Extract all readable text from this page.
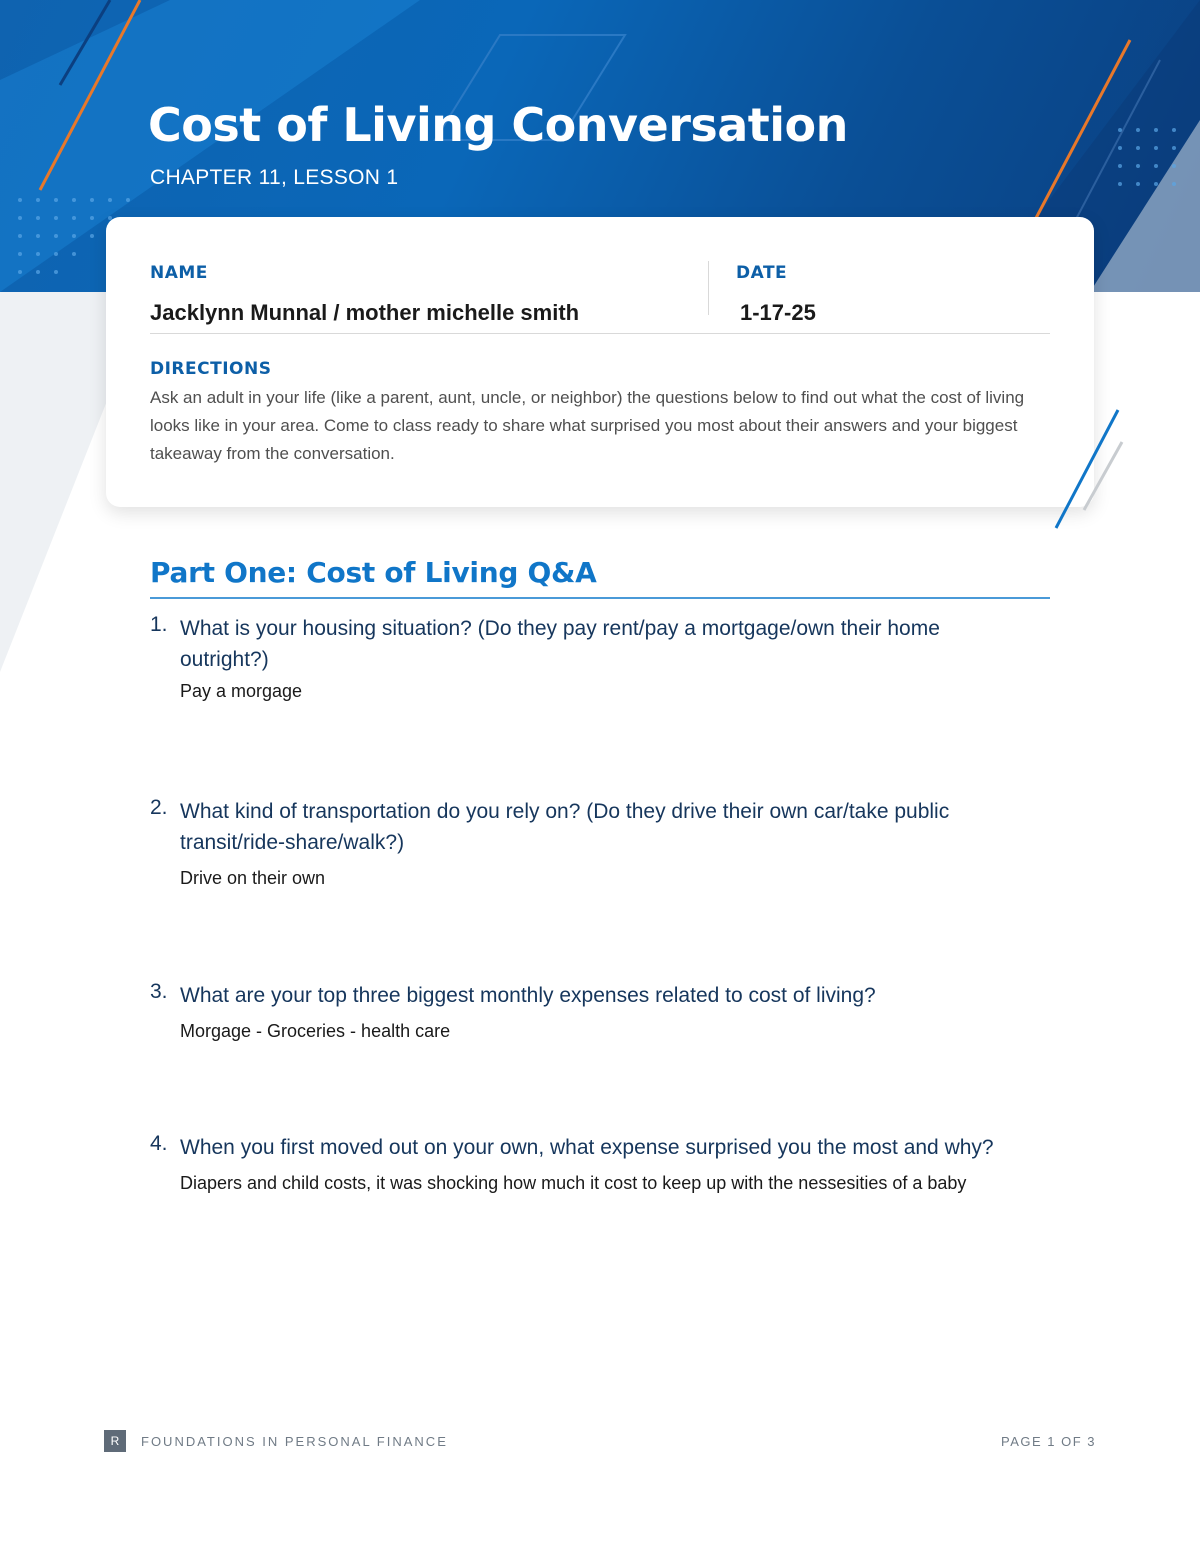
Cost of Living Conversation
CHAPTER 11, LESSON 1
NAME
Jacklynn Munnal / mother michelle smith
DATE
1-17-25
DIRECTIONS

Ask an adult in your life (like a parent, aunt, uncle, or neighbor) the questions below to find out what the cost of living looks like in your area. Come to class ready to share what surprised you most about their answers and your biggest takeaway from the conversation.

Part One: Cost of Living Q&A
1. What is your housing situation? (Do they pay rent/pay a mortgage/own their home outright?)

Pay a morgage

2. What kind of transportation do you rely on? (Do they drive their own car/take public transit/ride-share/walk?)

Drive on their own

3. What are your top three biggest monthly expenses related to cost of living?

Morgage - Groceries - health care

4. When you first moved out on your own, what expense surprised you the most and why?

Diapers and child costs, it was shocking how much it cost to keep up with the nessesities of a baby

R	FOUNDATIONS IN PERSONAL FINANCE	PAGE 1 OF 3
